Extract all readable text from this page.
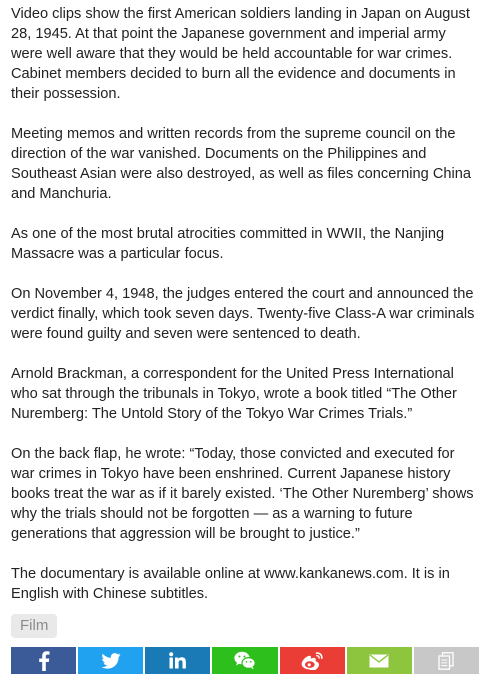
Video clips show the first American soldiers landing in Japan on August 28, 1945. At that point the Japanese government and imperial army were well aware that they would be held accountable for war crimes. Cabinet members decided to burn all the evidence and documents in their possession.

Meeting memos and written records from the supreme council on the direction of the war vanished. Documents on the Philippines and Southeast Asian were also destroyed, as well as files concerning China and Manchuria.

As one of the most brutal atrocities committed in WWII, the Nanjing Massacre was a particular focus.

On November 4, 1948, the judges entered the court and announced the verdict finally, which took seven days. Twenty-five Class-A war criminals were found guilty and seven were sentenced to death.

Arnold Brackman, a correspondent for the United Press International who sat through the tribunals in Tokyo, wrote a book titled “The Other Nuremberg: The Untold Story of the Tokyo War Crimes Trials.”

On the back flap, he wrote: “Today, those convicted and executed for war crimes in Tokyo have been enshrined. Current Japanese history books treat the war as if it barely existed. ‘The Other Nuremberg’ shows why the trials should not be forgotten — as a warning to future generations that aggression will be brought to justice.”

The documentary is available online at www.kankanews.com. It is in English with Chinese subtitles.

Film
